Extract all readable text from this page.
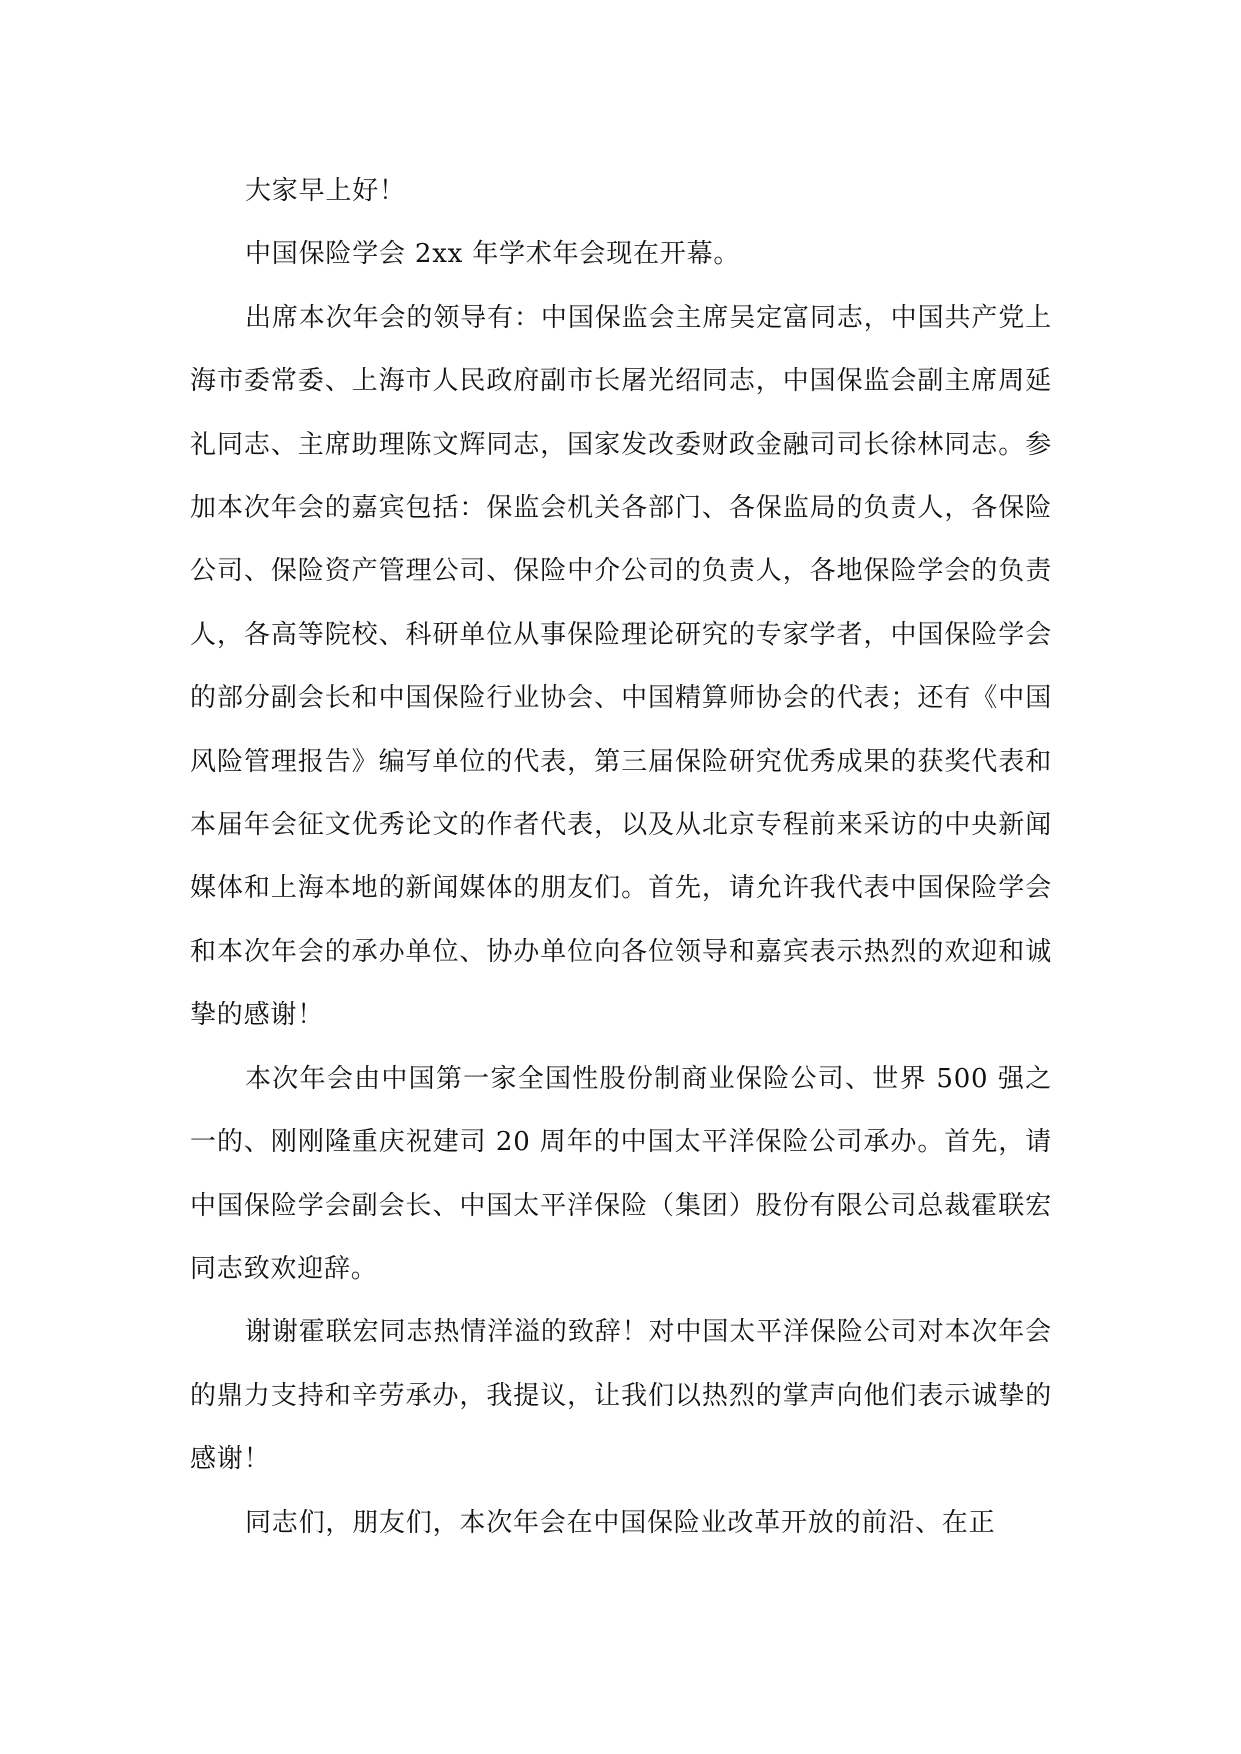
大家早上好！

中国保险学会 2xx 年学术年会现在开幕。

出席本次年会的领导有：中国保监会主席吴定富同志，中国共产党上海市委常委、上海市人民政府副市长屠光绍同志，中国保监会副主席周延礼同志、主席助理陈文辉同志，国家发改委财政金融司司长徐林同志。参加本次年会的嘉宾包括：保监会机关各部门、各保监局的负责人，各保险公司、保险资产管理公司、保险中介公司的负责人，各地保险学会的负责人，各高等院校、科研单位从事保险理论研究的专家学者，中国保险学会的部分副会长和中国保险行业协会、中国精算师协会的代表；还有《中国风险管理报告》编写单位的代表，第三届保险研究优秀成果的获奖代表和本届年会征文优秀论文的作者代表，以及从北京专程前来采访的中央新闻媒体和上海本地的新闻媒体的朋友们。首先，请允许我代表中国保险学会和本次年会的承办单位、协办单位向各位领导和嘉宾表示热烈的欢迎和诚挚的感谢！

本次年会由中国第一家全国性股份制商业保险公司、世界 500 强之一的、刚刚隆重庆祝建司 20 周年的中国太平洋保险公司承办。首先，请中国保险学会副会长、中国太平洋保险（集团）股份有限公司总裁霍联宏同志致欢迎辞。

谢谢霍联宏同志热情洋溢的致辞！对中国太平洋保险公司对本次年会的鼎力支持和辛劳承办，我提议，让我们以热烈的掌声向他们表示诚挚的感谢！

同志们，朋友们，本次年会在中国保险业改革开放的前沿、在正
